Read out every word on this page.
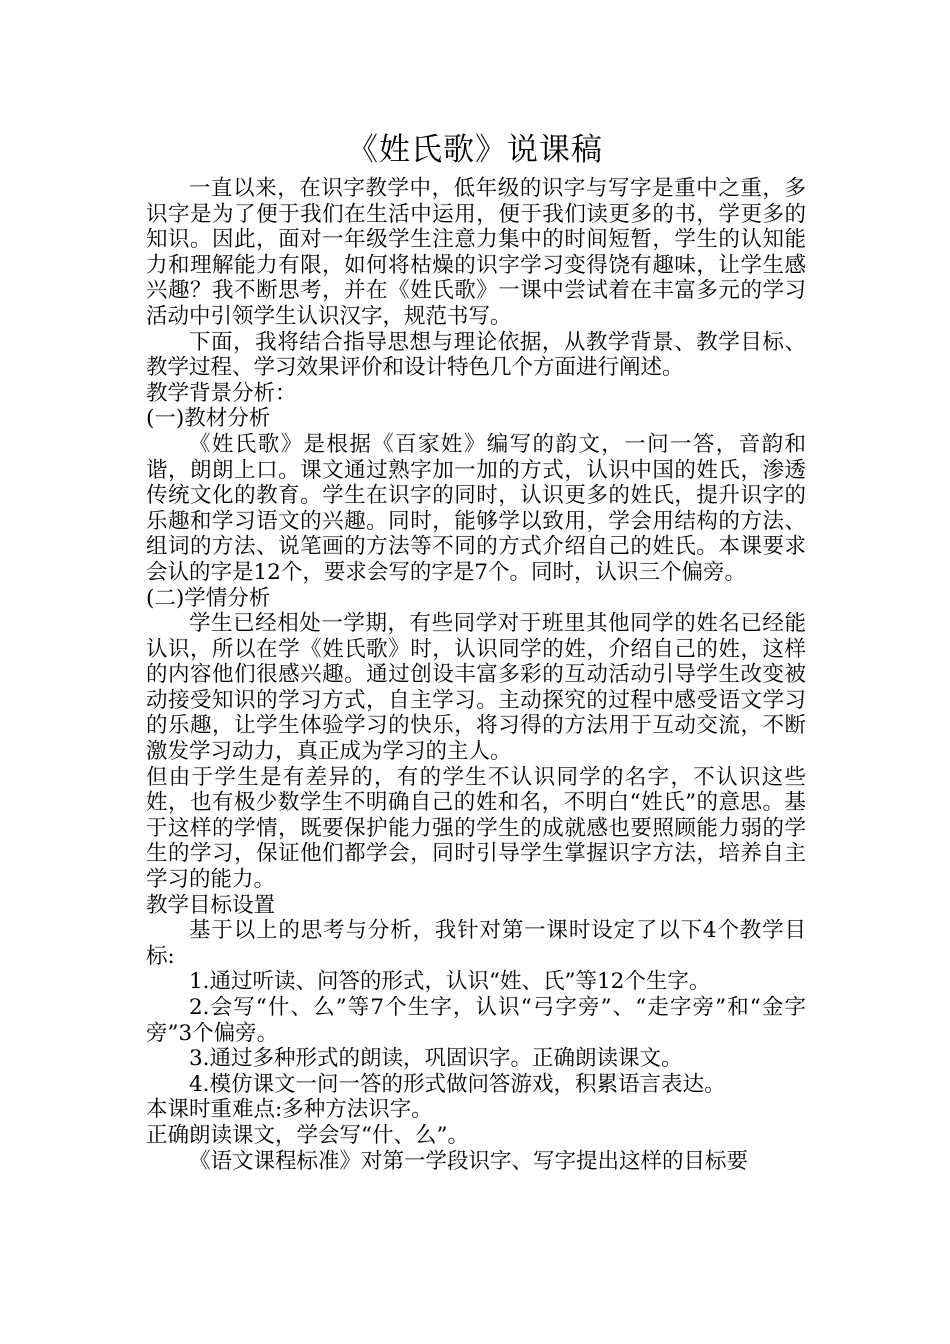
《姓氏歌》说课稿

一直以来，在识字教学中，低年级的识字与写字是重中之重，多识字是为了便于我们在生活中运用，便于我们读更多的书，学更多的知识。因此，面对一年级学生注意力集中的时间短暂，学生的认知能力和理解能力有限，如何将枯燥的识字学习变得饶有趣味，让学生感兴趣？我不断思考，并在《姓氏歌》一课中尝试着在丰富多元的学习活动中引领学生认识汉字，规范书写。

下面，我将结合指导思想与理论依据，从教学背景、教学目标、教学过程、学习效果评价和设计特色几个方面进行阐述。

教学背景分析：

(一)教材分析

《姓氏歌》是根据《百家姓》编写的韵文，一问一答，音韵和谐，朗朗上口。课文通过熟字加一加的方式，认识中国的姓氏，渗透传统文化的教育。学生在识字的同时，认识更多的姓氏，提升识字的乐趣和学习语文的兴趣。同时，能够学以致用，学会用结构的方法、组词的方法、说笔画的方法等不同的方式介绍自己的姓氏。本课要求会认的字是12个，要求会写的字是7个。同时，认识三个偏旁。

(二)学情分析

学生已经相处一学期，有些同学对于班里其他同学的姓名已经能认识，所以在学《姓氏歌》时，认识同学的姓，介绍自己的姓，这样的内容他们很感兴趣。通过创设丰富多彩的互动活动引导学生改变被动接受知识的学习方式，自主学习。主动探究的过程中感受语文学习的乐趣，让学生体验学习的快乐，将习得的方法用于互动交流，不断激发学习动力，真正成为学习的主人。

但由于学生是有差异的，有的学生不认识同学的名字，不认识这些姓，也有极少数学生不明确自己的姓和名，不明白“姓氏”的意思。基于这样的学情，既要保护能力强的学生的成就感也要照顾能力弱的学生的学习，保证他们都学会，同时引导学生掌握识字方法，培养自主学习的能力。

教学目标设置

基于以上的思考与分析，我针对第一课时设定了以下4个教学目标:

1.通过听读、问答的形式，认识“姓、氏”等12个生字。

2.会写“什、么”等7个生字，认识“弓字旁”、“走字旁”和“金字旁”3个偏旁。

3.通过多种形式的朗读，巩固识字。正确朗读课文。

4.模仿课文一问一答的形式做问答游戏，积累语言表达。

本课时重难点:多种方法识字。

正确朗读课文，学会写“什、么”。

《语文课程标准》对第一学段识字、写字提出这样的目标要
